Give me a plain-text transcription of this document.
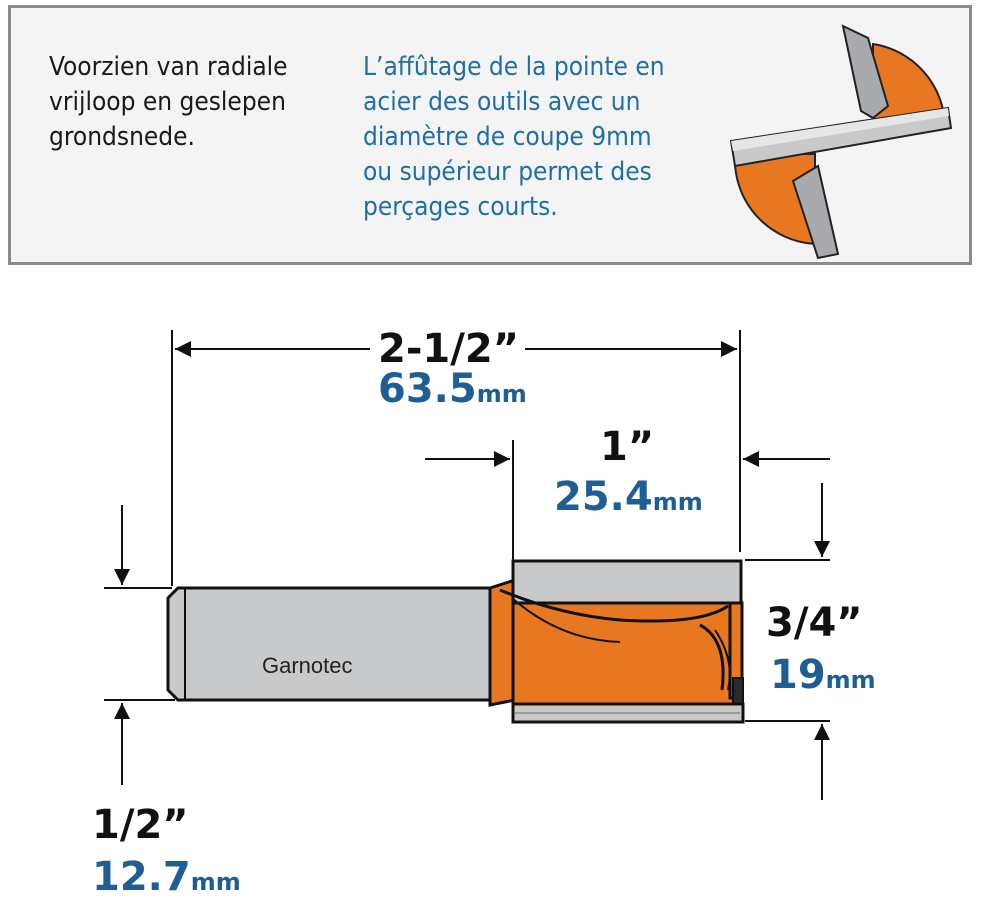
Voorzien van radiale
vrijloop en geslepen
grondsnede.
L’affûtage de la pointe en
acier des outils avec un
diamètre de coupe 9mm
ou supérieur permet des
perçages courts.
Garnotec
2-1/2”
63.5mm
1”
25.4mm
3/4”
19mm
1/2”
12.7mm
